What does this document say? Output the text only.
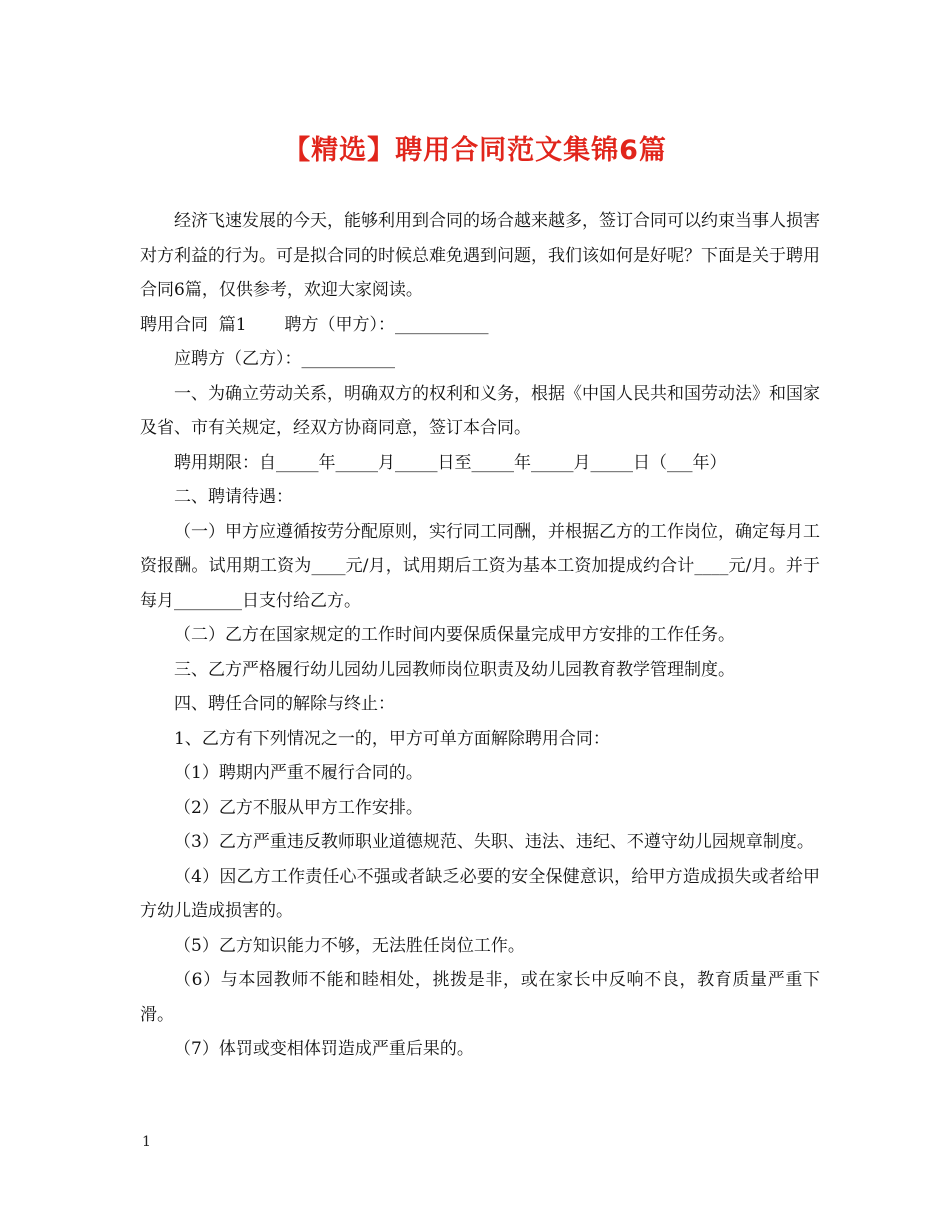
【精选】聘用合同范文集锦6篇

经济飞速发展的今天，能够利用到合同的场合越来越多，签订合同可以约束当事人损害对方利益的行为。可是拟合同的时候总难免遇到问题，我们该如何是好呢？下面是关于聘用合同6篇，仅供参考，欢迎大家阅读。

聘用合同  篇1       聘方（甲方）：___________

应聘方（乙方）：___________

一、为确立劳动关系，明确双方的权利和义务，根据《中国人民共和国劳动法》和国家及省、市有关规定，经双方协商同意，签订本合同。

聘用期限：自_____年_____月_____日至_____年_____月_____日（___年）

二、聘请待遇：

（一）甲方应遵循按劳分配原则，实行同工同酬，并根据乙方的工作岗位，确定每月工资报酬。试用期工资为____元/月，试用期后工资为基本工资加提成约合计____元/月。并于每月________日支付给乙方。

（二）乙方在国家规定的工作时间内要保质保量完成甲方安排的工作任务。

三、乙方严格履行幼儿园幼儿园教师岗位职责及幼儿园教育教学管理制度。

四、聘任合同的解除与终止：

1、乙方有下列情况之一的，甲方可单方面解除聘用合同：

（1）聘期内严重不履行合同的。

（2）乙方不服从甲方工作安排。

（3）乙方严重违反教师职业道德规范、失职、违法、违纪、不遵守幼儿园规章制度。

（4）因乙方工作责任心不强或者缺乏必要的安全保健意识，给甲方造成损失或者给甲方幼儿造成损害的。

（5）乙方知识能力不够，无法胜任岗位工作。

（6）与本园教师不能和睦相处，挑拨是非，或在家长中反响不良，教育质量严重下滑。

（7）体罚或变相体罚造成严重后果的。

1
